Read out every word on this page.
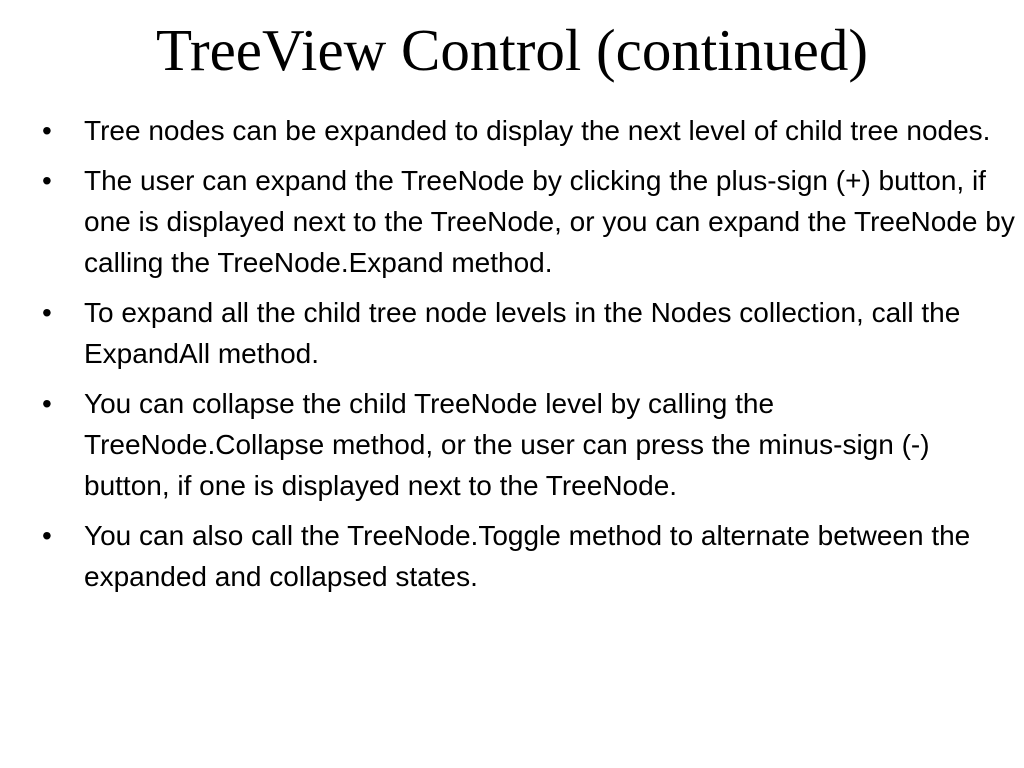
TreeView Control (continued)
• Tree nodes can be expanded to display the next level of child tree nodes.
• The user can expand the TreeNode by clicking the plus-sign (+) button, if one is displayed next to the TreeNode, or you can expand the TreeNode by calling the TreeNode.Expand method.
• To expand all the child tree node levels in the Nodes collection, call the ExpandAll method.
• You can collapse the child TreeNode level by calling the TreeNode.Collapse method, or the user can press the minus-sign (-) button, if one is displayed next to the TreeNode.
• You can also call the TreeNode.Toggle method to alternate between the expanded and collapsed states.
